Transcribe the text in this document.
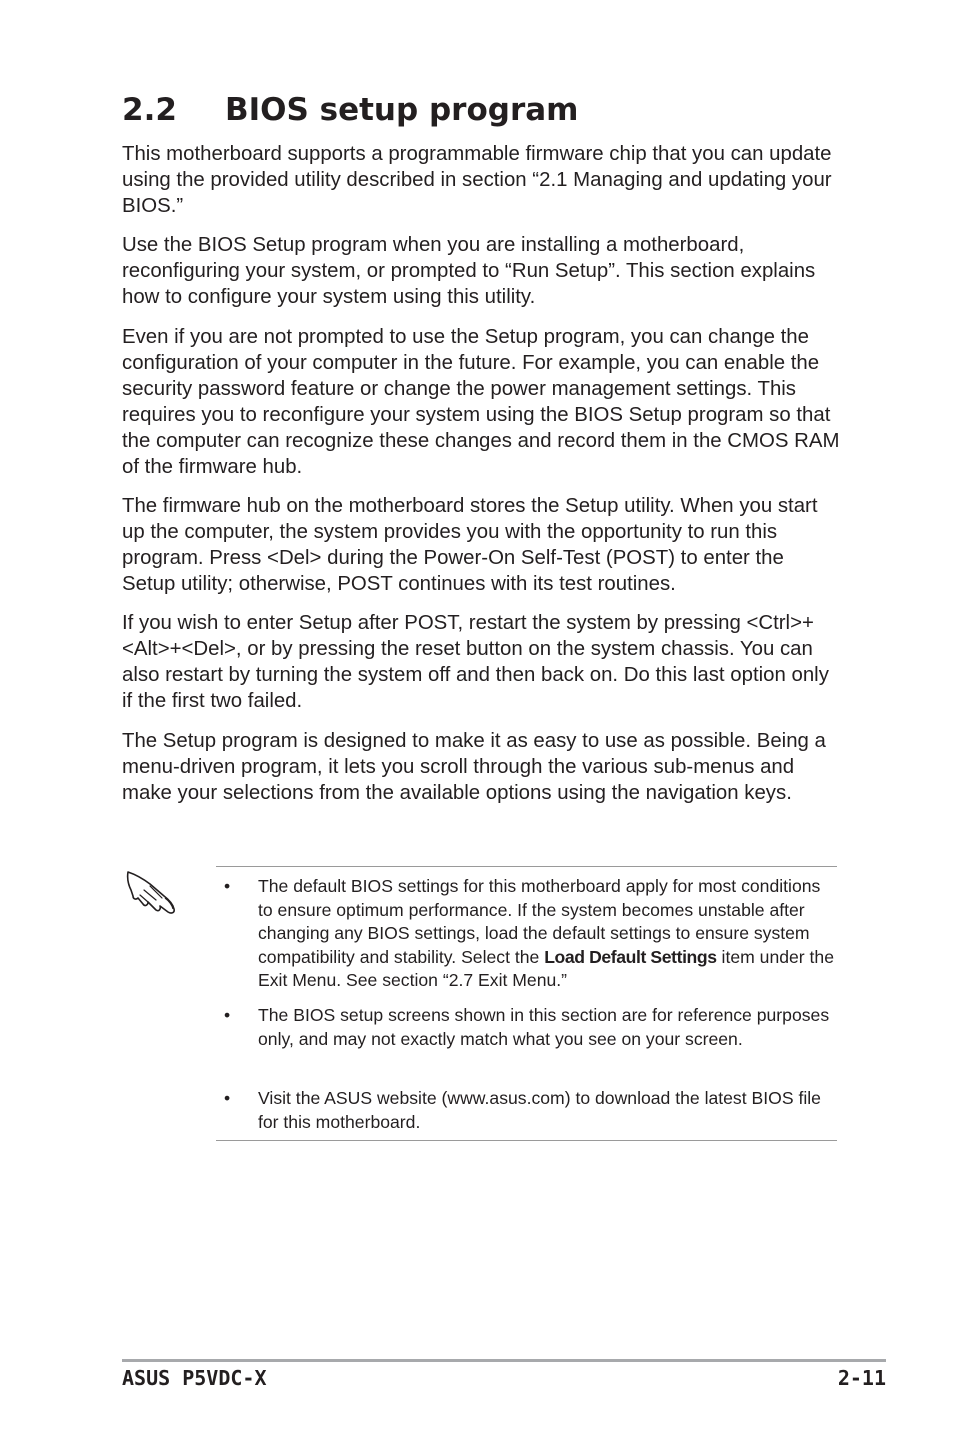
2.2 BIOS setup program

This motherboard supports a programmable firmware chip that you can update using the provided utility described in section “2.1 Managing and updating your BIOS.”

Use the BIOS Setup program when you are installing a motherboard, reconfiguring your system, or prompted to “Run Setup”. This section explains how to configure your system using this utility.

Even if you are not prompted to use the Setup program, you can change the configuration of your computer in the future. For example, you can enable the security password feature or change the power management settings. This requires you to reconfigure your system using the BIOS Setup program so that the computer can recognize these changes and record them in the CMOS RAM of the firmware hub.

The firmware hub on the motherboard stores the Setup utility. When you start up the computer, the system provides you with the opportunity to run this program. Press <Del> during the Power-On Self-Test (POST) to enter the Setup utility; otherwise, POST continues with its test routines.

If you wish to enter Setup after POST, restart the system by pressing <Ctrl>+<Alt>+<Del>, or by pressing the reset button on the system chassis. You can also restart by turning the system off and then back on. Do this last option only if the first two failed.

The Setup program is designed to make it as easy to use as possible. Being a menu-driven program, it lets you scroll through the various sub-menus and make your selections from the available options using the navigation keys.

• The default BIOS settings for this motherboard apply for most conditions to ensure optimum performance. If the system becomes unstable after changing any BIOS settings, load the default settings to ensure system compatibility and stability. Select the Load Default Settings item under the Exit Menu. See section “2.7 Exit Menu.”
• The BIOS setup screens shown in this section are for reference purposes only, and may not exactly match what you see on your screen.
• Visit the ASUS website (www.asus.com) to download the latest BIOS file for this motherboard.
ASUS P5VDC-X	2-11
